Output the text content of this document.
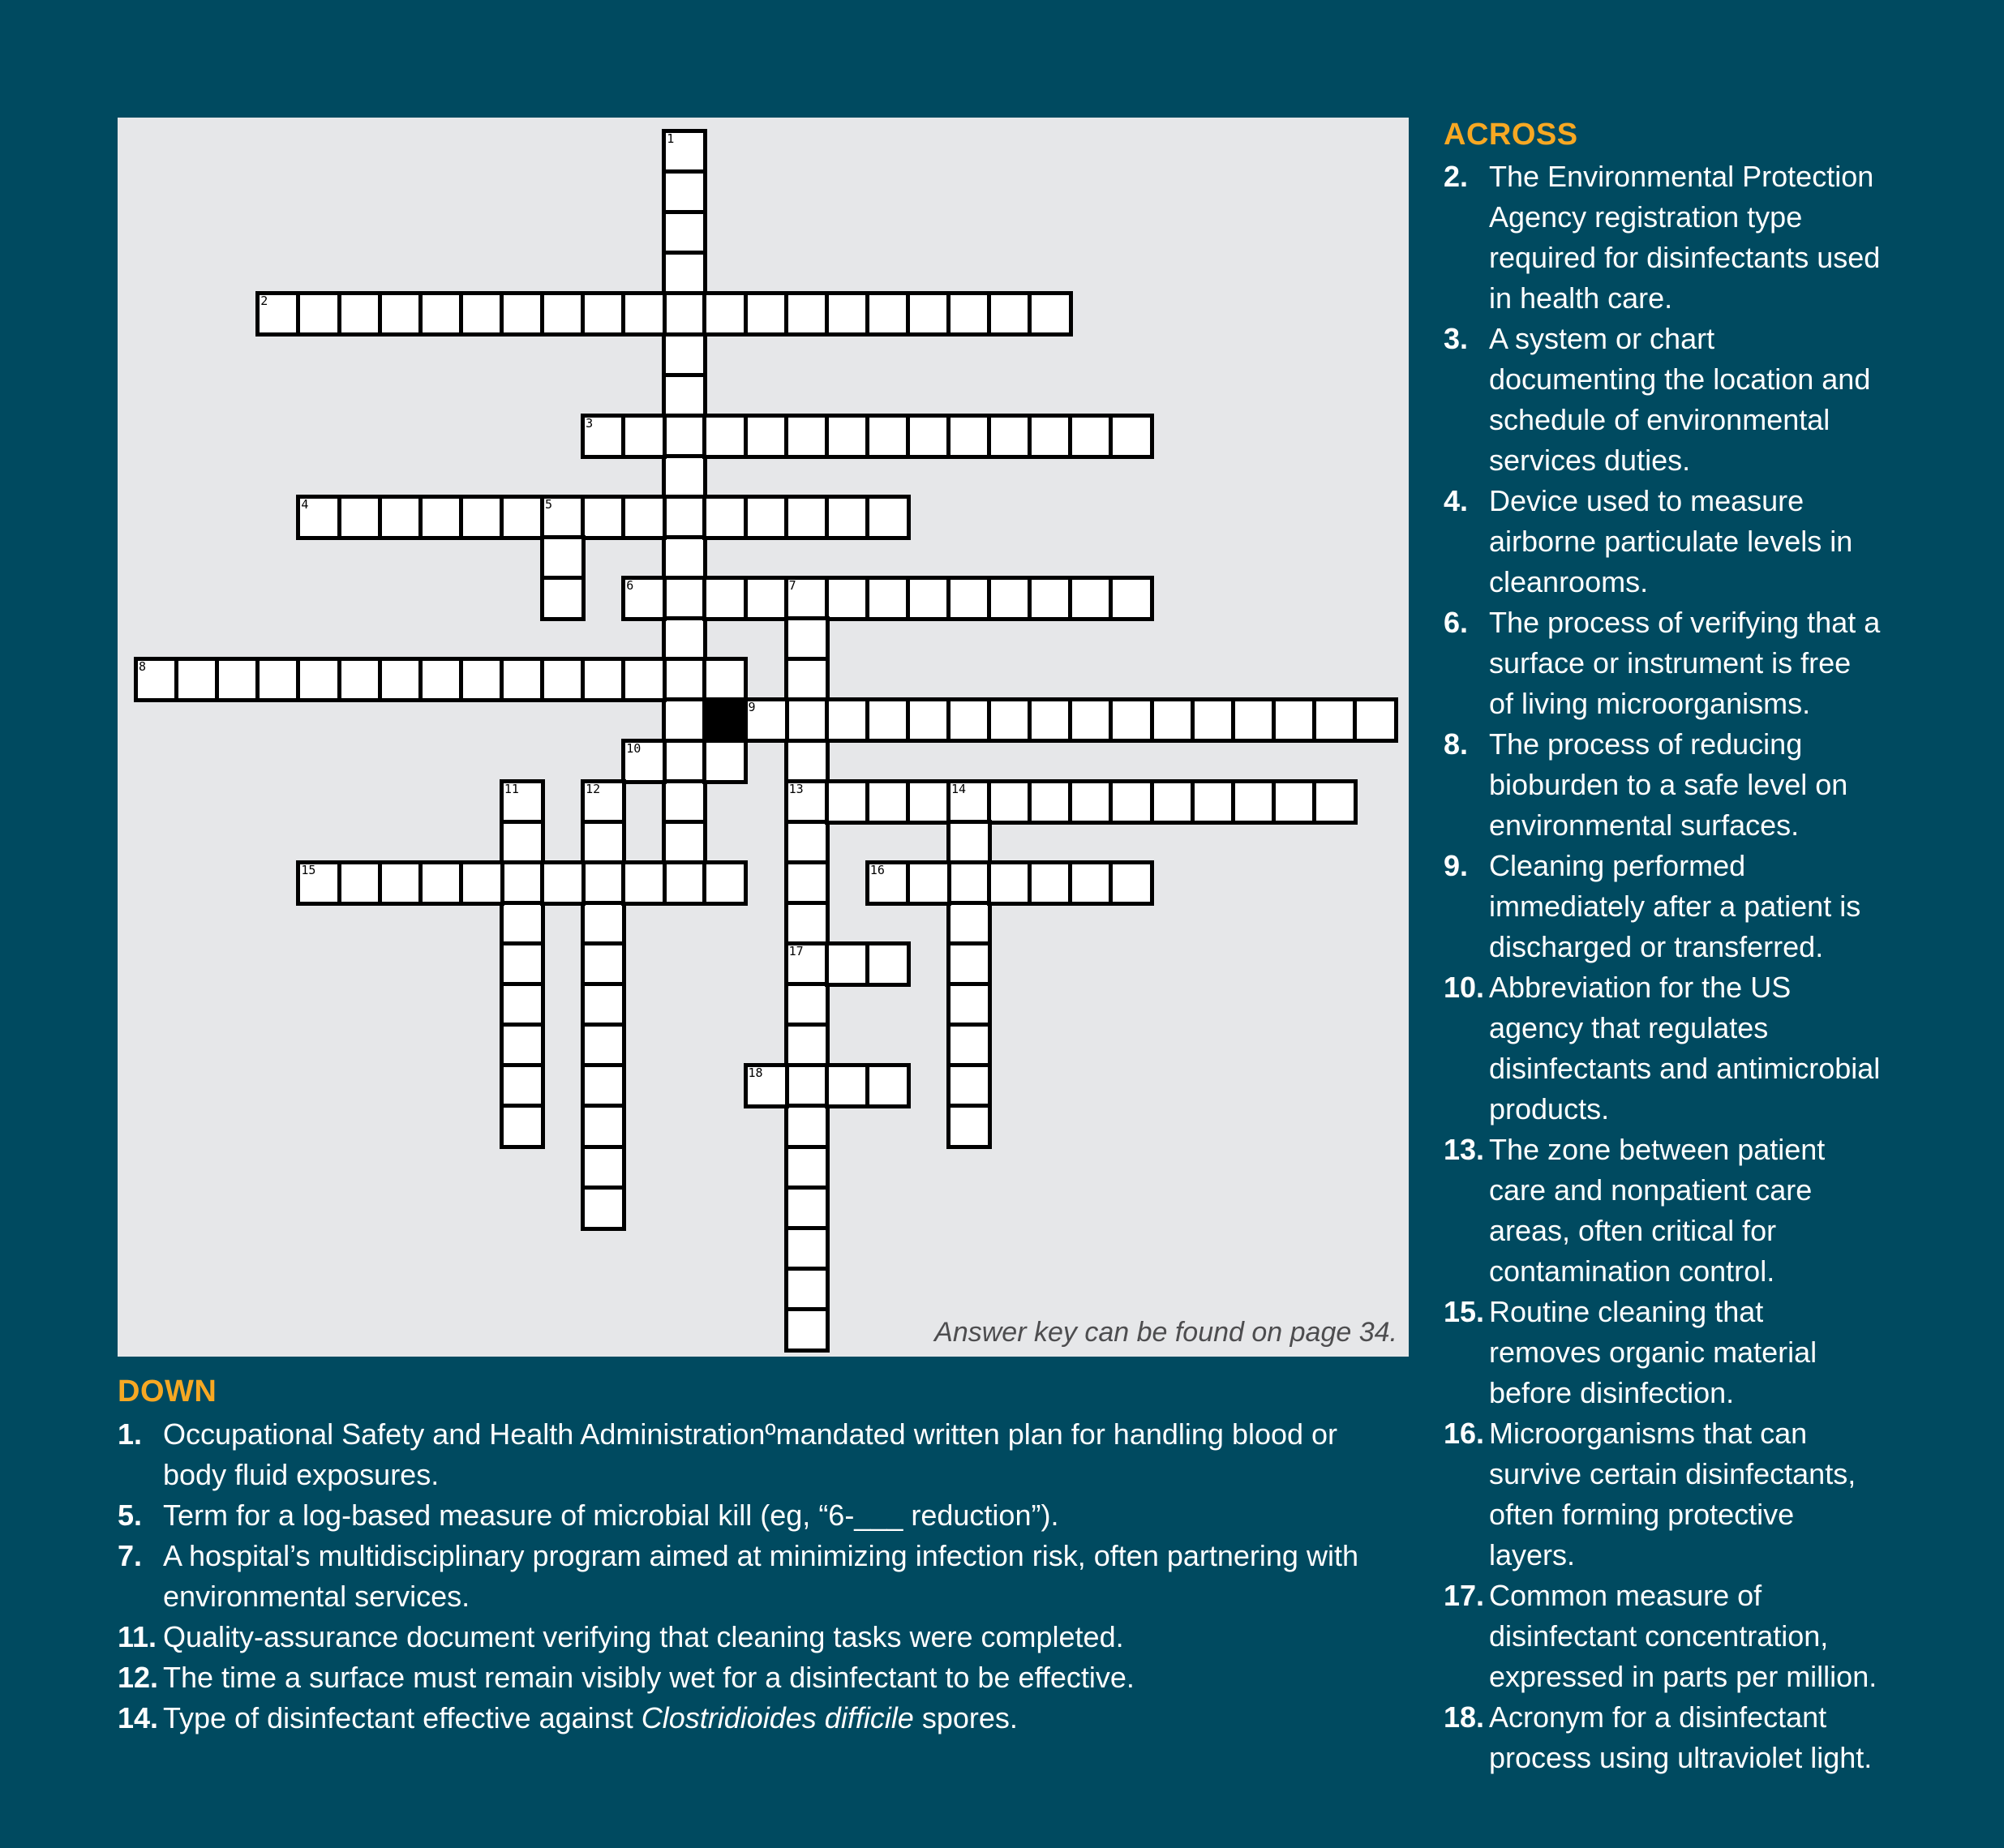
1
2
3
4	5
6	7
13
17
8
9
10
11	12	14
15	16
18
Answer key can be found on page 34.
ACROSS
2. The Environmental Protection Agency registration type required for disinfectants used in health care.
3. A system or chart documenting the location and schedule of environmental services duties.
4. Device used to measure airborne particulate levels in cleanrooms.
6. The process of verifying that a surface or instrument is free of living microorganisms.
8. The process of reducing bioburden to a safe level on environmental surfaces.
9. Cleaning performed immediately after a patient is discharged or transferred.
10. Abbreviation for the US agency that regulates disinfectants and antimicrobial products.
13. The zone between patient care and nonpatient care areas, often critical for contamination control.
15. Routine cleaning that removes organic material before disinfection.
16. Microorganisms that can survive certain disinfectants, often forming protective layers.
17. Common measure of disinfectant concentration, expressed in parts per million.
18. Acronym for a disinfectant process using ultraviolet light.
DOWN
1. Occupational Safety and Health Administrationºmandated written plan for handling blood or body fluid exposures.
5. Term for a log-based measure of microbial kill (eg, “6-___ reduction”).
7. A hospital’s multidisciplinary program aimed at minimizing infection risk, often partnering with environmental services.
11. Quality-assurance document verifying that cleaning tasks were completed.
12. The time a surface must remain visibly wet for a disinfectant to be effective.
14. Type of disinfectant effective against Clostridioides difficile spores.
